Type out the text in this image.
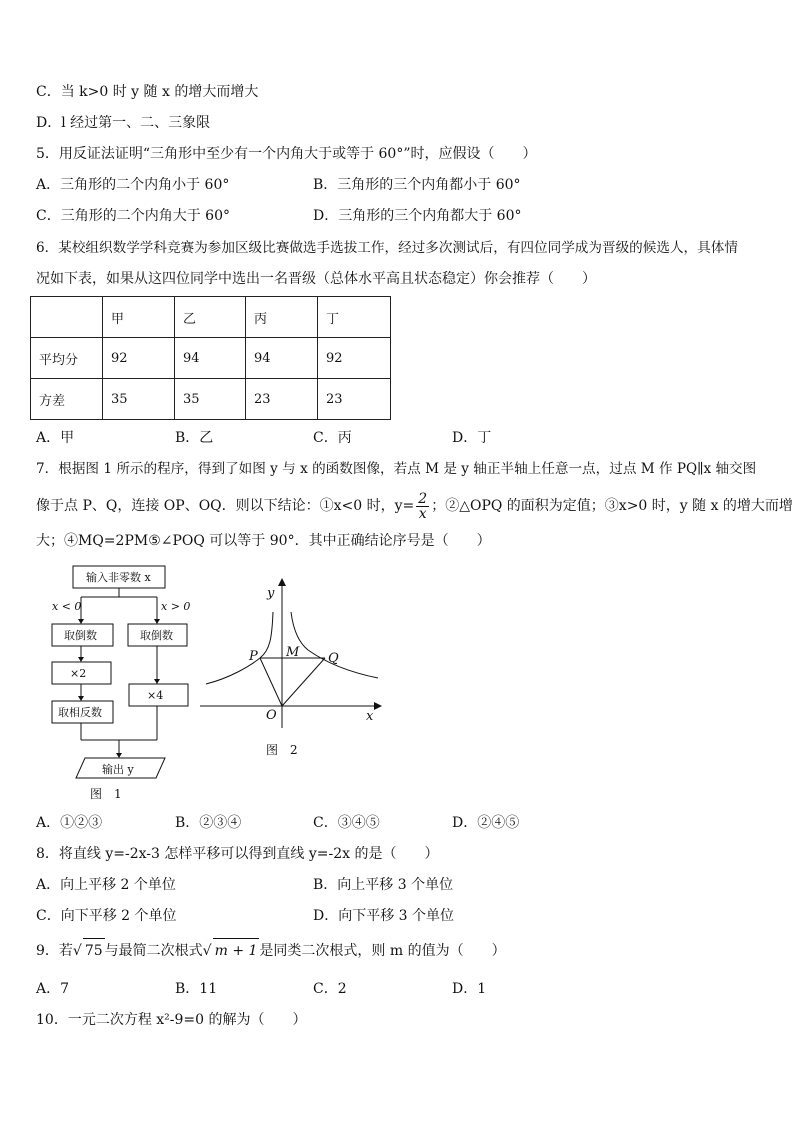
C．当 k>0 时 y 随 x 的增大而增大
D．l 经过第一、二、三象限
5．用反证法证明“三角形中至少有一个内角大于或等于 60°”时，应假设（　　）
A．三角形的二个内角小于 60°	B．三角形的三个内角都小于 60°
C．三角形的二个内角大于 60°	D．三角形的三个内角都大于 60°
6．某校组织数学学科竞赛为参加区级比赛做选手选拔工作，经过多次测试后，有四位同学成为晋级的候选人，具体情
况如下表，如果从这四位同学中选出一名晋级（总体水平高且状态稳定）你会推荐（　　）
	甲	乙	丙	丁
平均分	92	94	94	92
方差	35	35	23	23
A．甲	B．乙	C．丙	D．丁
7．根据图 1 所示的程序，得到了如图 y 与 x 的函数图像，若点 M 是 y 轴正半轴上任意一点，过点 M 作 PQ∥x 轴交图
像于点 P、Q，连接 OP、OQ．则以下结论：①x<0 时，$y= \frac{2}{x}$ ；②△OPQ 的面积为定值；③x>0 时，y 随 x 的增大而增
大；④MQ=2PM⑤∠POQ 可以等于 90°．其中正确结论序号是（　　）
输入非零数 x
x < 0	x > 0
取倒数	取倒数
×2
×4
取相反数
输出 y
图　1
y
x
O
P M Q
图　2
A．①②③	B．②③④	C．③④⑤	D．②④⑤
8．将直线 y=-2x-3 怎样平移可以得到直线 y=-2x 的是（　　）
A．向上平移 2 个单位	B．向上平移 3 个单位
C．向下平移 2 个单位	D．向下平移 3 个单位
9．若√ 75 与最简二次根式√ m + 1 是同类二次根式，则 m 的值为（　　）
A．7	B．11	C．2	D．1
10．一元二次方程 x²-9=0 的解为（　　）
